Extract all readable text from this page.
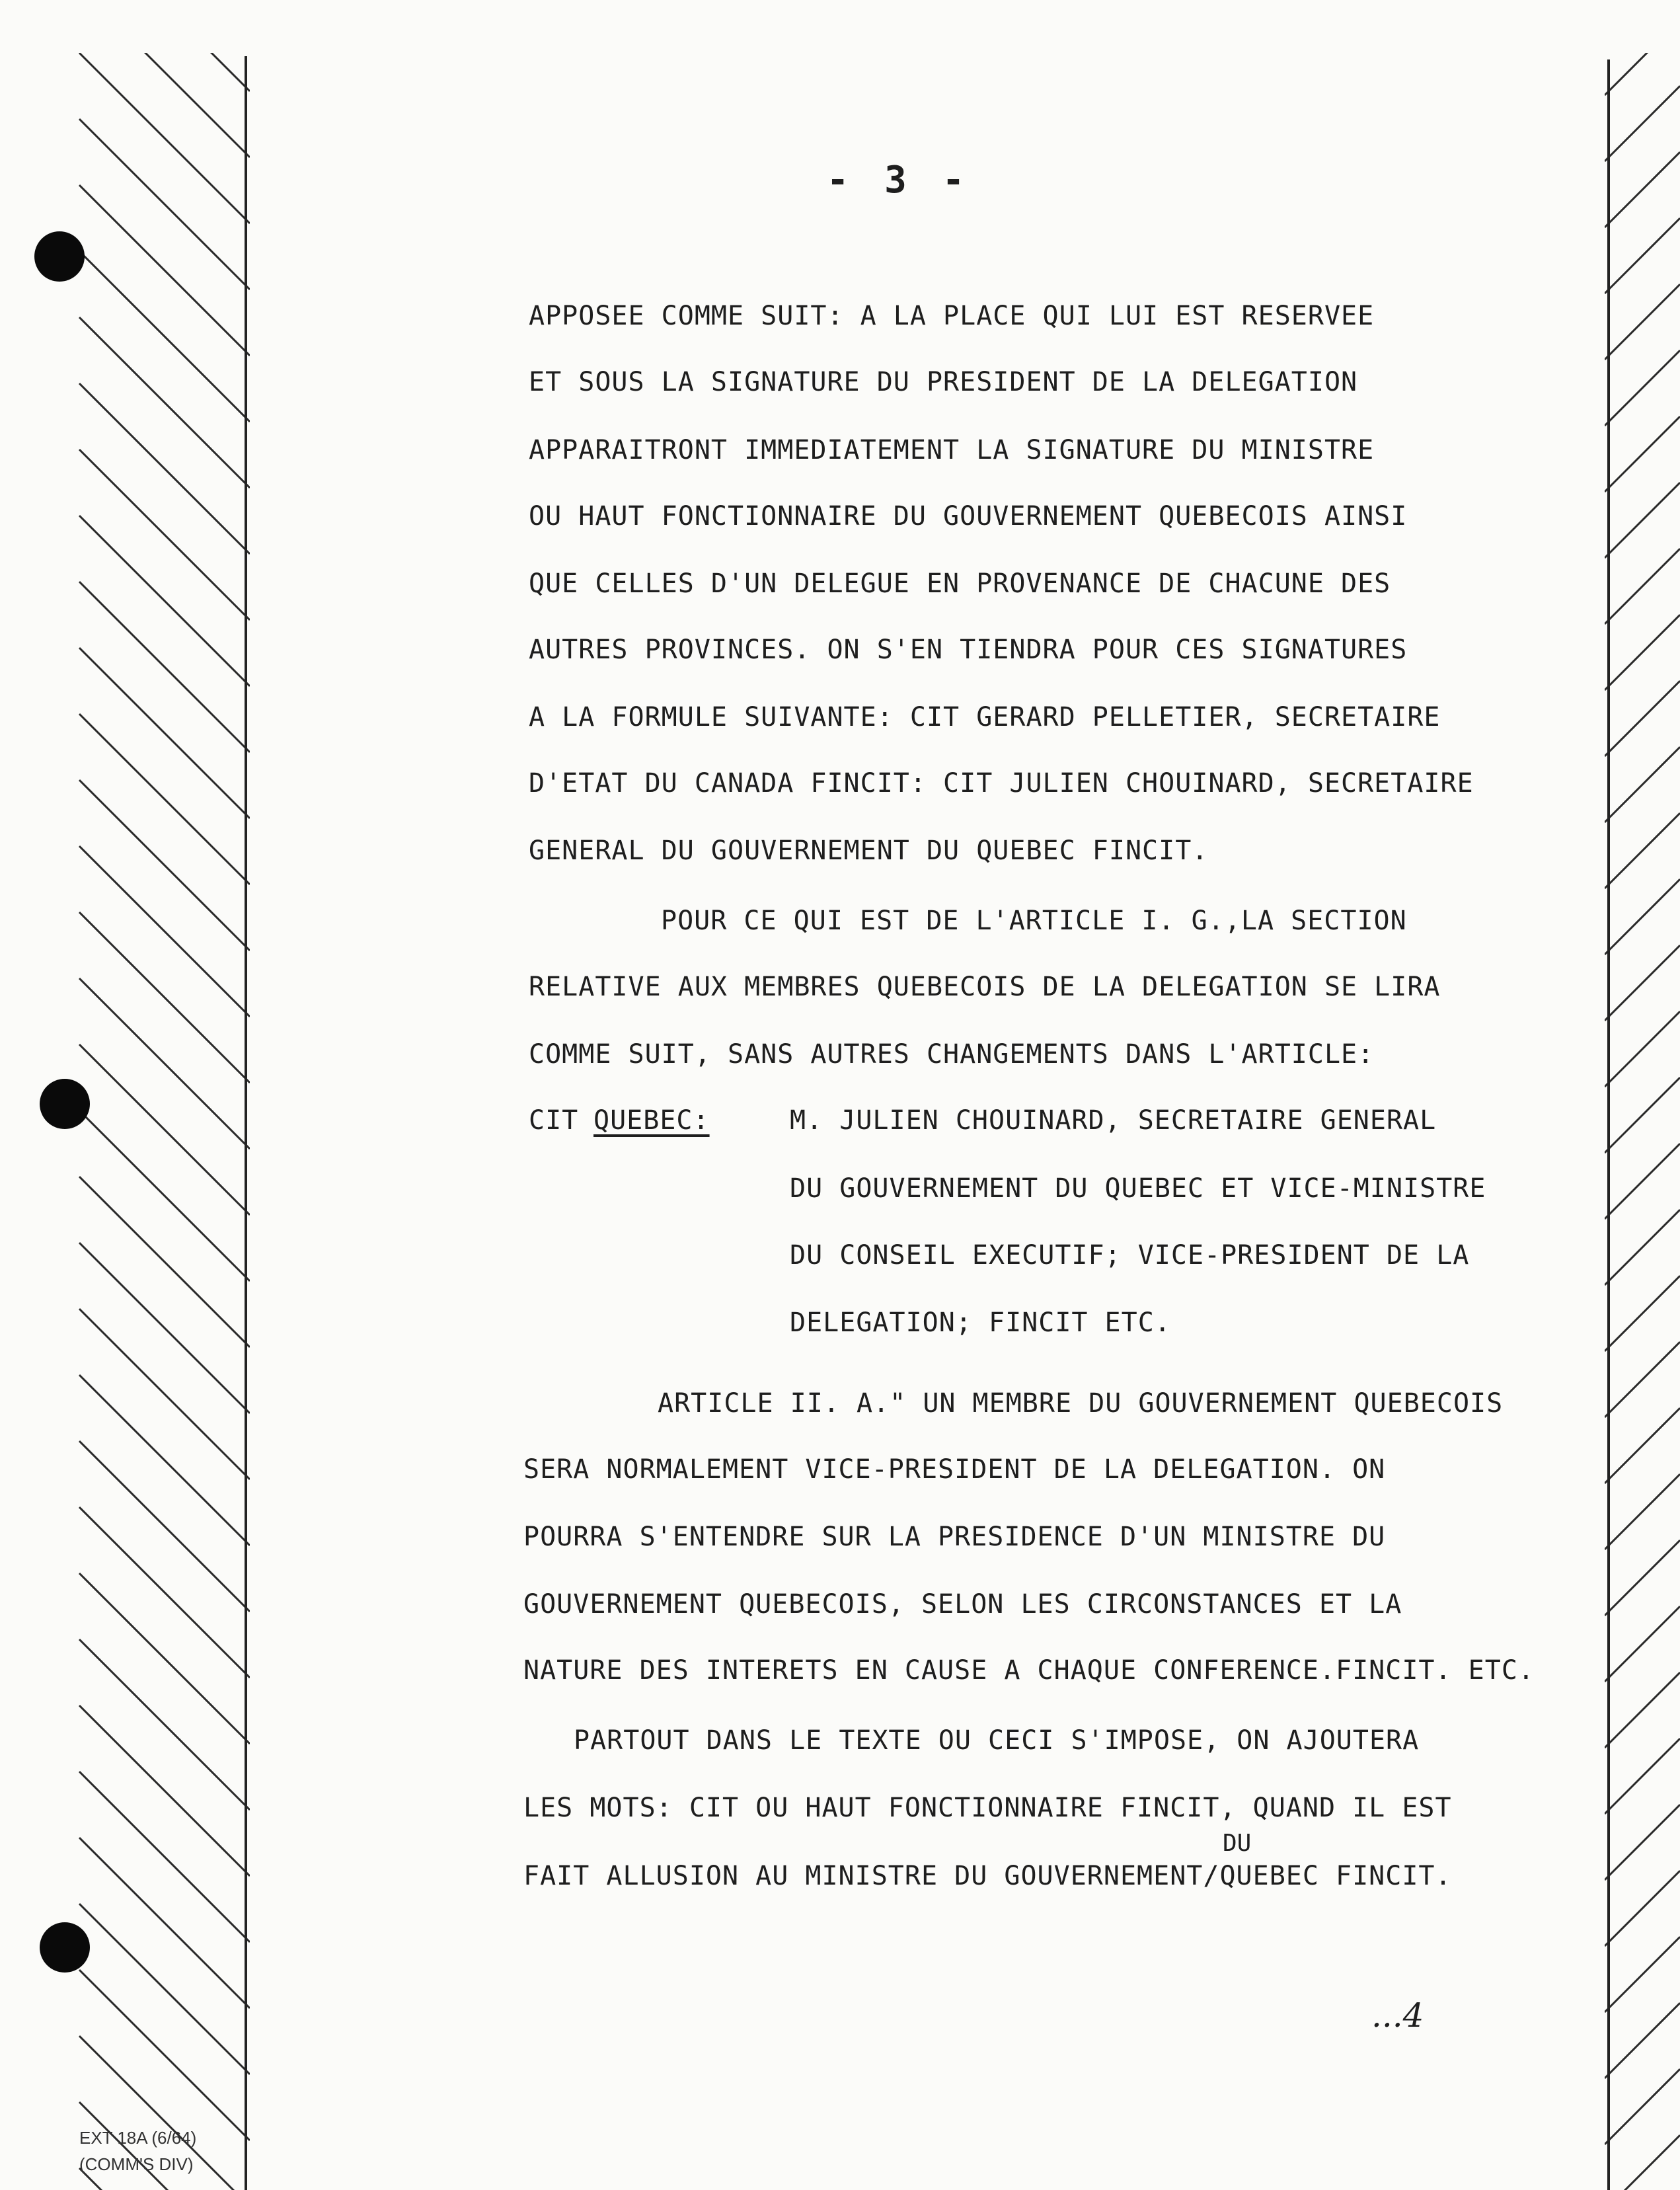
- 3 -
APPOSEE COMME SUIT: A LA PLACE QUI LUI EST RESERVEE
ET SOUS LA SIGNATURE DU PRESIDENT DE LA DELEGATION
APPARAITRONT IMMEDIATEMENT LA SIGNATURE DU MINISTRE
OU HAUT FONCTIONNAIRE DU GOUVERNEMENT QUEBECOIS AINSI
QUE CELLES D'UN DELEGUE EN PROVENANCE DE CHACUNE DES
AUTRES PROVINCES. ON S'EN TIENDRA POUR CES SIGNATURES
A LA FORMULE SUIVANTE: CIT GERARD PELLETIER, SECRETAIRE
D'ETAT DU CANADA FINCIT: CIT JULIEN CHOUINARD, SECRETAIRE
GENERAL DU GOUVERNEMENT DU QUEBEC FINCIT.
POUR CE QUI EST DE L'ARTICLE I. G.,LA SECTION
RELATIVE AUX MEMBRES QUEBECOIS DE LA DELEGATION SE LIRA
COMME SUIT, SANS AUTRES CHANGEMENTS DANS L'ARTICLE:
CIT QUEBEC:	M. JULIEN CHOUINARD, SECRETAIRE GENERAL
DU GOUVERNEMENT DU QUEBEC ET VICE-MINISTRE
DU CONSEIL EXECUTIF; VICE-PRESIDENT DE LA
DELEGATION; FINCIT ETC.
ARTICLE II. A." UN MEMBRE DU GOUVERNEMENT QUEBECOIS
SERA NORMALEMENT VICE-PRESIDENT DE LA DELEGATION. ON
POURRA S'ENTENDRE SUR LA PRESIDENCE D'UN MINISTRE DU
GOUVERNEMENT QUEBECOIS, SELON LES CIRCONSTANCES ET LA
NATURE DES INTERETS EN CAUSE A CHAQUE CONFERENCE.FINCIT. ETC.
PARTOUT DANS LE TEXTE OU CECI S'IMPOSE, ON AJOUTERA
LES MOTS: CIT OU HAUT FONCTIONNAIRE FINCIT, QUAND IL EST
DU
FAIT ALLUSION AU MINISTRE DU GOUVERNEMENT/QUEBEC FINCIT.
...4
EXT 18A (6/64)
(COMM'S DIV)
